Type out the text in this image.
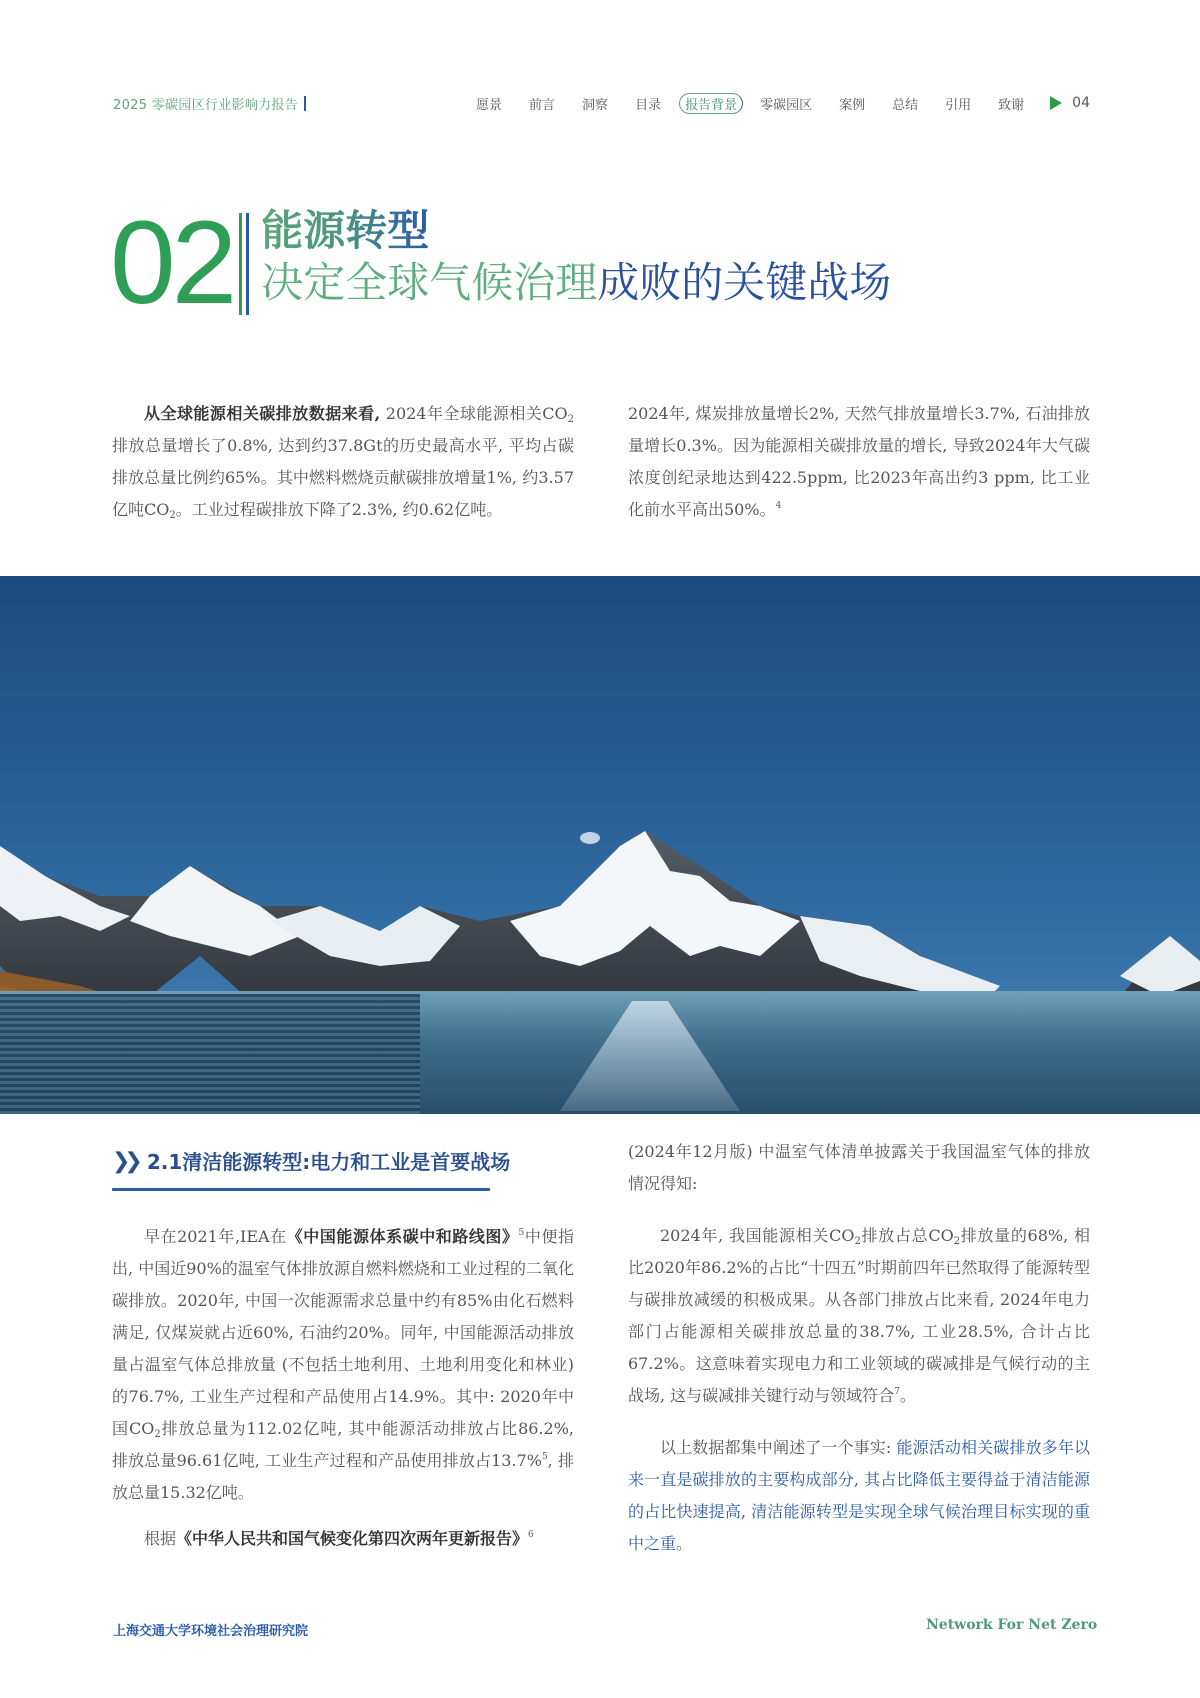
2025 零碳园区行业影响力报告	愿景 前言 洞察 目录	报告背景	零碳园区 案例 总结 引用 致谢	04
02 能源转型
决定全球气候治理成败的关键战场
从全球能源相关碳排放数据来看, 2024年全球能源相关$CO_2$排放总量增长了0.8%, 达到约37.8Gt的历史最高水平, 平均占碳排放总量比例约65%。其中燃料燃烧贡献碳排放增量1%, 约3.57亿吨$CO_2$。工业过程碳排放下降了2.3%, 约0.62亿吨。
2024年, 煤炭排放量增长2%, 天然气排放量增长3.7%, 石油排放量增长0.3%。因为能源相关碳排放量的增长, 导致2024年大气碳浓度创纪录地达到422.5ppm, 比2023年高出约3 ppm, 比工业化前水平高出50%。$^4$
❯❯ 2.1清洁能源转型:电力和工业是首要战场

早在2021年,IEA在《中国能源体系碳中和路线图》$^5$中便指出, 中国近90%的温室气体排放源自燃料燃烧和工业过程的二氧化碳排放。2020年, 中国一次能源需求总量中约有85%由化石燃料满足, 仅煤炭就占近60%, 石油约20%。同年, 中国能源活动排放量占温室气体总排放量 (不包括土地利用、土地利用变化和林业) 的76.7%, 工业生产过程和产品使用占14.9%。其中: 2020年中国$CO_2$排放总量为112.02亿吨, 其中能源活动排放占比86.2%, 排放总量96.61亿吨, 工业生产过程和产品使用排放占13.7%$^5$, 排放总量15.32亿吨。

根据《中华人民共和国气候变化第四次两年更新报告》$^6$

(2024年12月版) 中温室气体清单披露关于我国温室气体的排放情况得知:

2024年, 我国能源相关$CO_2$排放占总$CO_2$排放量的68%, 相比2020年86.2%的占比“十四五”时期前四年已然取得了能源转型与碳排放减缓的积极成果。从各部门排放占比来看, 2024年电力部门占能源相关碳排放总量的38.7%, 工业28.5%, 合计占比67.2%。这意味着实现电力和工业领域的碳减排是气候行动的主战场, 这与碳减排关键行动与领域符合$^7$。

以上数据都集中阐述了一个事实: 能源活动相关碳排放多年以来一直是碳排放的主要构成部分, 其占比降低主要得益于清洁能源的占比快速提高, 清洁能源转型是实现全球气候治理目标实现的重中之重。

上海交通大学环境社会治理研究院	Network For Net Zero
